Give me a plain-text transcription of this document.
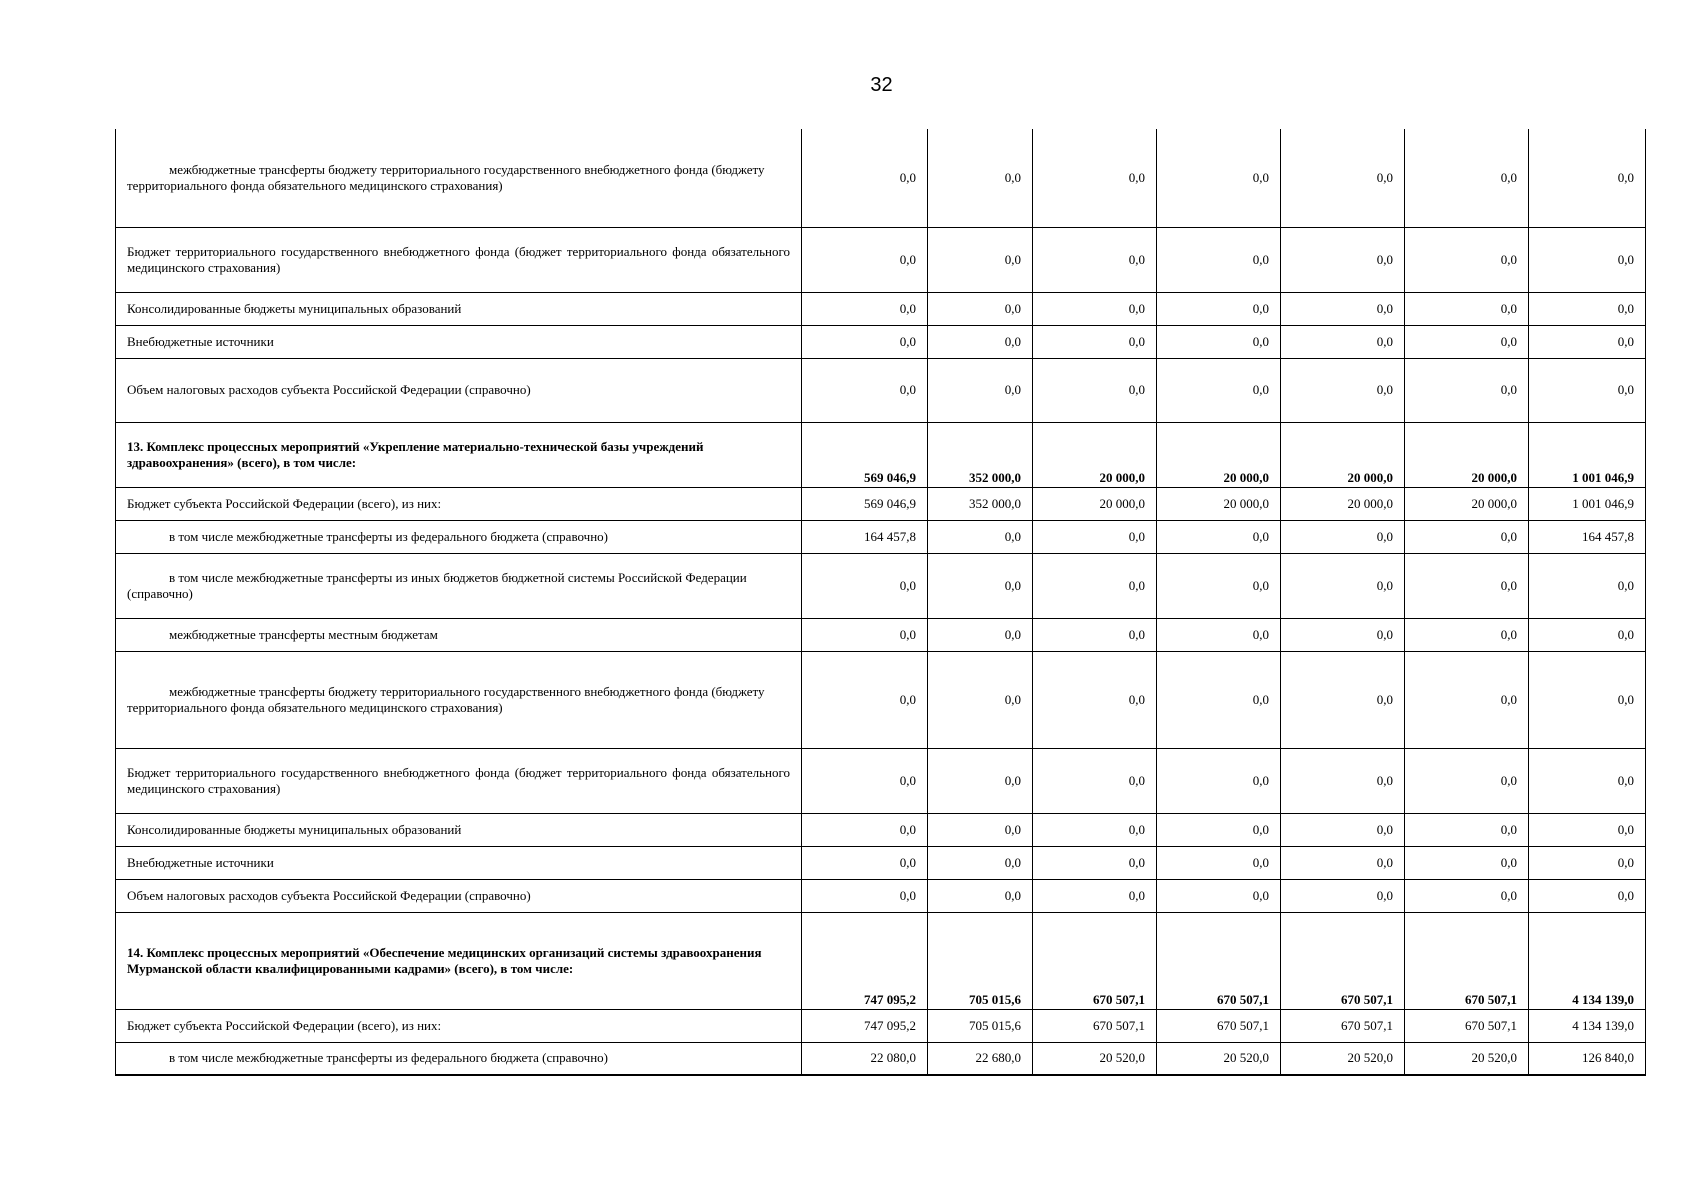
32
межбюджетные трансферты бюджету территориального государственного внебюджетного фонда (бюджету территориального фонда обязательного медицинского страхования)	0,0	0,0	0,0	0,0	0,0	0,0	0,0
Бюджет территориального государственного внебюджетного фонда (бюджет территориального фонда обязательного медицинского страхования)	0,0	0,0	0,0	0,0	0,0	0,0	0,0
Консолидированные бюджеты муниципальных образований	0,0	0,0	0,0	0,0	0,0	0,0	0,0
Внебюджетные источники	0,0	0,0	0,0	0,0	0,0	0,0	0,0
Объем налоговых расходов субъекта Российской Федерации (справочно)	0,0	0,0	0,0	0,0	0,0	0,0	0,0
13. Комплекс процессных мероприятий «Укрепление материально-технической базы учреждений здравоохранения» (всего), в том числе:	569 046,9	352 000,0	20 000,0	20 000,0	20 000,0	20 000,0	1 001 046,9
Бюджет субъекта Российской Федерации (всего), из них:	569 046,9	352 000,0	20 000,0	20 000,0	20 000,0	20 000,0	1 001 046,9
в том числе межбюджетные трансферты из федерального бюджета (справочно)	164 457,8	0,0	0,0	0,0	0,0	0,0	164 457,8
в том числе межбюджетные трансферты из иных бюджетов бюджетной системы Российской Федерации (справочно)	0,0	0,0	0,0	0,0	0,0	0,0	0,0
межбюджетные трансферты местным бюджетам	0,0	0,0	0,0	0,0	0,0	0,0	0,0
межбюджетные трансферты бюджету территориального государственного внебюджетного фонда (бюджету территориального фонда обязательного медицинского страхования)	0,0	0,0	0,0	0,0	0,0	0,0	0,0
Бюджет территориального государственного внебюджетного фонда (бюджет территориального фонда обязательного медицинского страхования)	0,0	0,0	0,0	0,0	0,0	0,0	0,0
Консолидированные бюджеты муниципальных образований	0,0	0,0	0,0	0,0	0,0	0,0	0,0
Внебюджетные источники	0,0	0,0	0,0	0,0	0,0	0,0	0,0
Объем налоговых расходов субъекта Российской Федерации (справочно)	0,0	0,0	0,0	0,0	0,0	0,0	0,0
14. Комплекс процессных мероприятий «Обеспечение медицинских организаций системы здравоохранения Мурманской области квалифицированными кадрами» (всего), в том числе:	747 095,2	705 015,6	670 507,1	670 507,1	670 507,1	670 507,1	4 134 139,0
Бюджет субъекта Российской Федерации (всего), из них:	747 095,2	705 015,6	670 507,1	670 507,1	670 507,1	670 507,1	4 134 139,0
в том числе межбюджетные трансферты из федерального бюджета (справочно)	22 080,0	22 680,0	20 520,0	20 520,0	20 520,0	20 520,0	126 840,0
